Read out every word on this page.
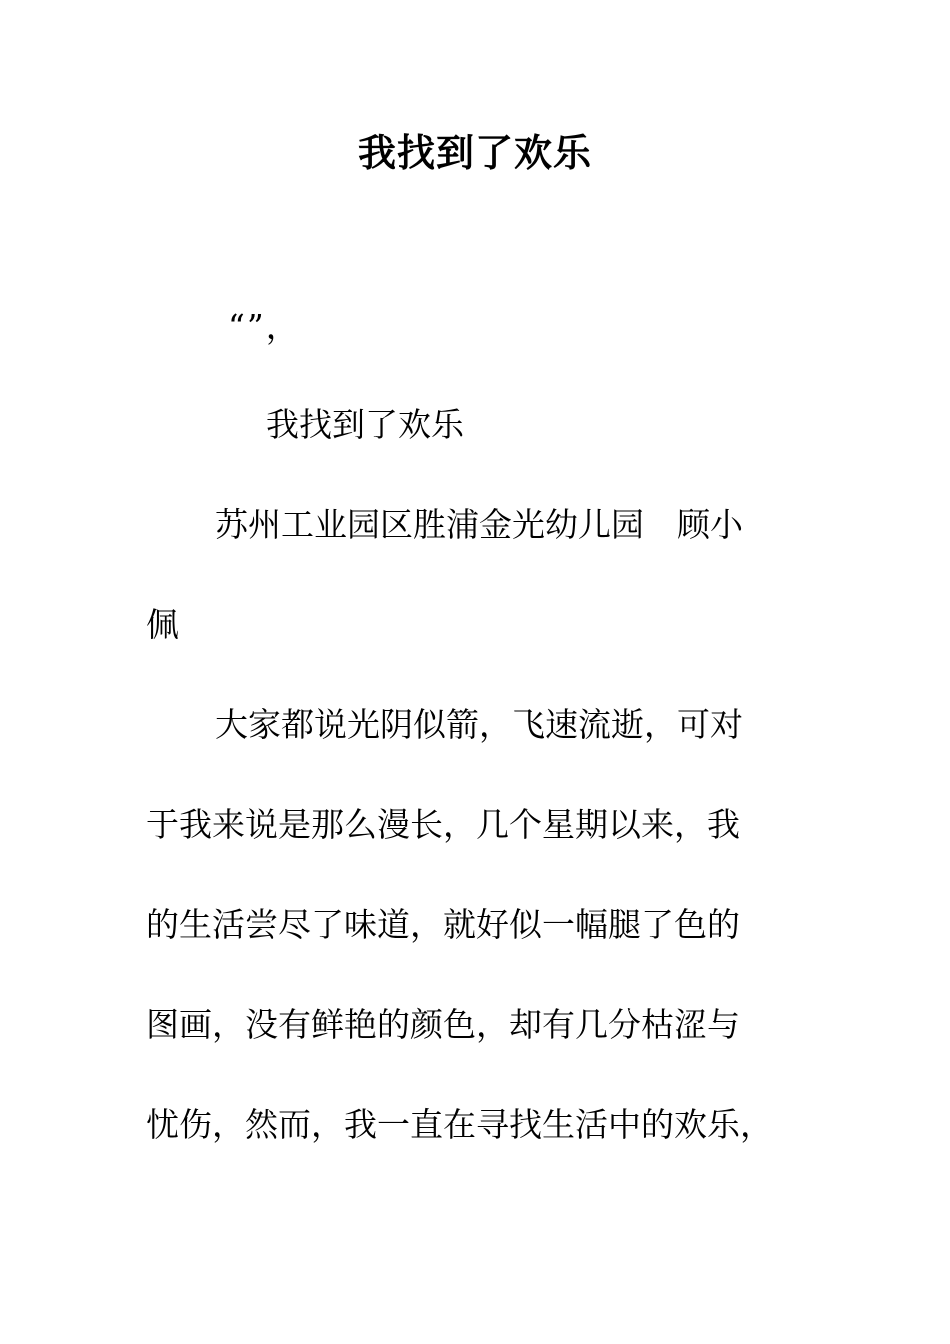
我找到了欢乐
“”，
我找到了欢乐
苏州工业园区胜浦金光幼儿园　顾小
佩
大家都说光阴似箭，飞速流逝，可对
于我来说是那么漫长，几个星期以来，我
的生活尝尽了味道，就好似一幅腿了色的
图画，没有鲜艳的颜色，却有几分枯涩与
忧伤，然而，我一直在寻找生活中的欢乐，
